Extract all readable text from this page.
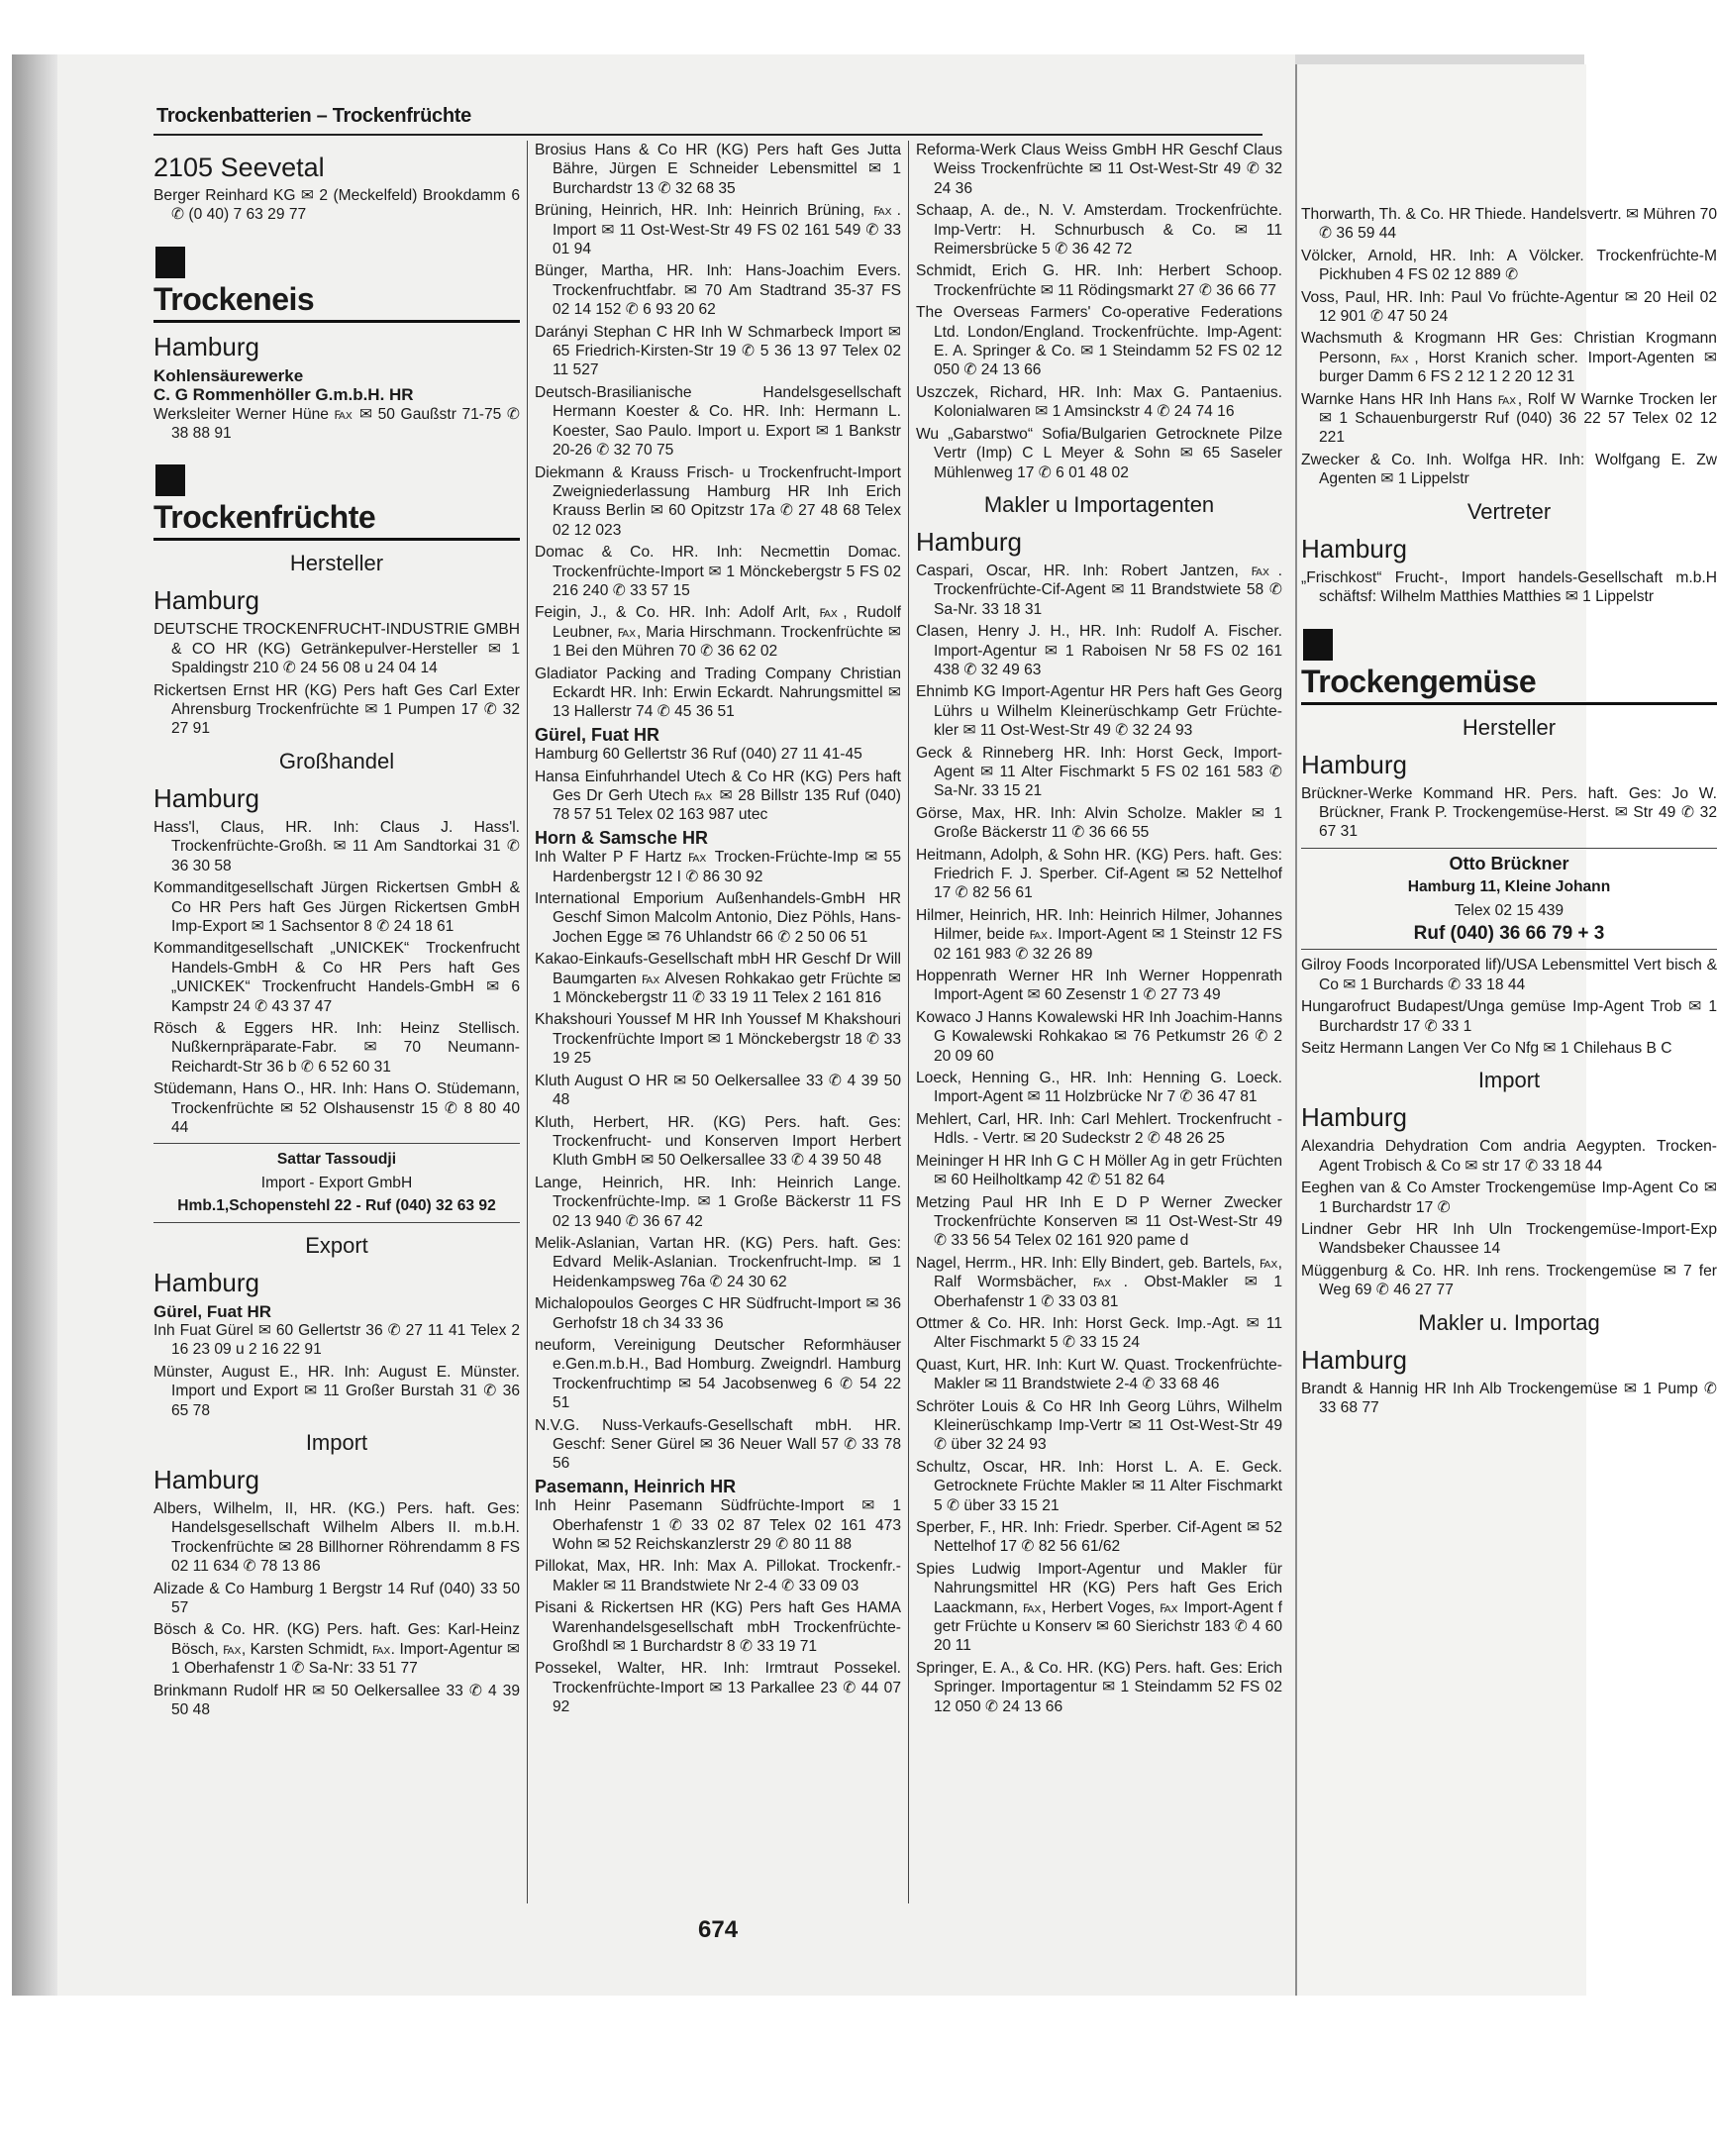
Trockenbatterien – Trockenfrüchte
2105 Seevetal

Berger Reinhard KG ✉ 2 (Meckelfeld) Brookdamm 6 ✆ (0 40) 7 63 29 77

Trockeneis
Hamburg

Kohlensäurewerke

C. G Rommenhöller G.m.b.H. HR

Werksleiter Werner Hüne ℻ ✉ 50 Gaußstr 71-75 ✆ 38 88 91

Trockenfrüchte
Hersteller
Hamburg

DEUTSCHE TROCKENFRUCHT-INDUSTRIE GMBH & CO HR (KG) Getränkepulver-Hersteller ✉ 1 Spaldingstr 210 ✆ 24 56 08 u 24 04 14

Rickertsen Ernst HR (KG) Pers haft Ges Carl Exter Ahrensburg Trockenfrüchte ✉ 1 Pumpen 17 ✆ 32 27 91

Großhandel
Hamburg

Hass'l, Claus, HR. Inh: Claus J. Hass'l. Trockenfrüchte-Großh. ✉ 11 Am Sandtorkai 31 ✆ 36 30 58

Kommanditgesellschaft Jürgen Rickertsen GmbH & Co HR Pers haft Ges Jürgen Rickertsen GmbH Imp-Export ✉ 1 Sachsentor 8 ✆ 24 18 61

Kommanditgesellschaft „UNICKEK“ Trockenfrucht Handels-GmbH & Co HR Pers haft Ges „UNICKEK“ Trockenfrucht Handels-GmbH ✉ 6 Kampstr 24 ✆ 43 37 47

Rösch & Eggers HR. Inh: Heinz Stellisch. Nußkernpräparate-Fabr. ✉ 70 Neumann-Reichardt-Str 36 b ✆ 6 52 60 31

Stüdemann, Hans O., HR. Inh: Hans O. Stüdemann, Trockenfrüchte ✉ 52 Olshausenstr 15 ✆ 8 80 40 44

Sattar Tassoudji
Import - Export GmbH
Hmb.1,Schopenstehl 22 - Ruf (040) 32 63 92
Export
Hamburg

Gürel, Fuat HR

Inh Fuat Gürel ✉ 60 Gellertstr 36 ✆ 27 11 41 Telex 2 16 23 09 u 2 16 22 91

Münster, August E., HR. Inh: August E. Münster. Import und Export ✉ 11 Großer Burstah 31 ✆ 36 65 78

Import
Hamburg

Albers, Wilhelm, II, HR. (KG.) Pers. haft. Ges: Handelsgesellschaft Wilhelm Albers II. m.b.H. Trockenfrüchte ✉ 28 Billhorner Röhrendamm 8 FS 02 11 634 ✆ 78 13 86

Alizade & Co Hamburg 1 Bergstr 14 Ruf (040) 33 50 57

Bösch & Co. HR. (KG) Pers. haft. Ges: Karl-Heinz Bösch, ℻, Karsten Schmidt, ℻. Import-Agentur ✉ 1 Oberhafenstr 1 ✆ Sa-Nr: 33 51 77

Brinkmann Rudolf HR ✉ 50 Oelkersallee 33 ✆ 4 39 50 48

Brosius Hans & Co HR (KG) Pers haft Ges Jutta Bähre, Jürgen E Schneider Lebensmittel ✉ 1 Burchardstr 13 ✆ 32 68 35

Brüning, Heinrich, HR. Inh: Heinrich Brüning, ℻. Import ✉ 11 Ost-West-Str 49 FS 02 161 549 ✆ 33 01 94

Bünger, Martha, HR. Inh: Hans-Joachim Evers. Trockenfruchtfabr. ✉ 70 Am Stadtrand 35-37 FS 02 14 152 ✆ 6 93 20 62

Darányi Stephan C HR Inh W Schmarbeck Import ✉ 65 Friedrich-Kirsten-Str 19 ✆ 5 36 13 97 Telex 02 11 527

Deutsch-Brasilianische Handelsgesellschaft Hermann Koester & Co. HR. Inh: Hermann L. Koester, Sao Paulo. Import u. Export ✉ 1 Bankstr 20-26 ✆ 32 70 75

Diekmann & Krauss Frisch- u Trockenfrucht-Import Zweigniederlassung Hamburg HR Inh Erich Krauss Berlin ✉ 60 Opitzstr 17a ✆ 27 48 68 Telex 02 12 023

Domac & Co. HR. Inh: Necmettin Domac. Trockenfrüchte-Import ✉ 1 Mönckebergstr 5 FS 02 216 240 ✆ 33 57 15

Feigin, J., & Co. HR. Inh: Adolf Arlt, ℻, Rudolf Leubner, ℻, Maria Hirschmann. Trockenfrüchte ✉ 1 Bei den Mühren 70 ✆ 36 62 02

Gladiator Packing and Trading Company Christian Eckardt HR. Inh: Erwin Eckardt. Nahrungsmittel ✉ 13 Hallerstr 74 ✆ 45 36 51

Gürel, Fuat HR

Hamburg 60 Gellertstr 36 Ruf (040) 27 11 41-45

Hansa Einfuhrhandel Utech & Co HR (KG) Pers haft Ges Dr Gerh Utech ℻ ✉ 28 Billstr 135 Ruf (040) 78 57 51 Telex 02 163 987 utec

Horn & Samsche HR

Inh Walter P F Hartz ℻ Trocken-Früchte-Imp ✉ 55 Hardenbergstr 12 I ✆ 86 30 92

International Emporium Außenhandels-GmbH HR Geschf Simon Malcolm Antonio, Diez Pöhls, Hans-Jochen Egge ✉ 76 Uhlandstr 66 ✆ 2 50 06 51

Kakao-Einkaufs-Gesellschaft mbH HR Geschf Dr Will Baumgarten ℻ Alvesen Rohkakao getr Früchte ✉ 1 Mönckebergstr 11 ✆ 33 19 11 Telex 2 161 816

Khakshouri Youssef M HR Inh Youssef M Khakshouri Trockenfrüchte Import ✉ 1 Mönckebergstr 18 ✆ 33 19 25

Kluth August O HR ✉ 50 Oelkersallee 33 ✆ 4 39 50 48

Kluth, Herbert, HR. (KG) Pers. haft. Ges: Trockenfrucht- und Konserven Import Herbert Kluth GmbH ✉ 50 Oelkersallee 33 ✆ 4 39 50 48

Lange, Heinrich, HR. Inh: Heinrich Lange. Trockenfrüchte-Imp. ✉ 1 Große Bäckerstr 11 FS 02 13 940 ✆ 36 67 42

Melik-Aslanian, Vartan HR. (KG) Pers. haft. Ges: Edvard Melik-Aslanian. Trockenfrucht-Imp. ✉ 1 Heidenkampsweg 76a ✆ 24 30 62

Michalopoulos Georges C HR Südfrucht-Import ✉ 36 Gerhofstr 18 ch 34 33 36

neuform, Vereinigung Deutscher Reformhäuser e.Gen.m.b.H., Bad Homburg. Zweigndrl. Hamburg Trockenfruchtimp ✉ 54 Jacobsenweg 6 ✆ 54 22 51

N.V.G. Nuss-Verkaufs-Gesellschaft mbH. HR. Geschf: Sener Gürel ✉ 36 Neuer Wall 57 ✆ 33 78 56

Pasemann, Heinrich HR

Inh Heinr Pasemann Südfrüchte-Import ✉ 1 Oberhafenstr 1 ✆ 33 02 87 Telex 02 161 473 Wohn ✉ 52 Reichskanzlerstr 29 ✆ 80 11 88

Pillokat, Max, HR. Inh: Max A. Pillokat. Trockenfr.-Makler ✉ 11 Brandstwiete Nr 2-4 ✆ 33 09 03

Pisani & Rickertsen HR (KG) Pers haft Ges HAMA Warenhandelsgesellschaft mbH Trockenfrüchte-Großhdl ✉ 1 Burchardstr 8 ✆ 33 19 71

Possekel, Walter, HR. Inh: Irmtraut Possekel. Trockenfrüchte-Import ✉ 13 Parkallee 23 ✆ 44 07 92

Reforma-Werk Claus Weiss GmbH HR Geschf Claus Weiss Trockenfrüchte ✉ 11 Ost-West-Str 49 ✆ 32 24 36

Schaap, A. de., N. V. Amsterdam. Trockenfrüchte. Imp-Vertr: H. Schnurbusch & Co. ✉ 11 Reimersbrücke 5 ✆ 36 42 72

Schmidt, Erich G. HR. Inh: Herbert Schoop. Trockenfrüchte ✉ 11 Rödingsmarkt 27 ✆ 36 66 77

The Overseas Farmers' Co-operative Federations Ltd. London/England. Trockenfrüchte. Imp-Agent: E. A. Springer & Co. ✉ 1 Steindamm 52 FS 02 12 050 ✆ 24 13 66

Uszczek, Richard, HR. Inh: Max G. Pantaenius. Kolonialwaren ✉ 1 Amsinckstr 4 ✆ 24 74 16

Wu „Gabarstwo“ Sofia/Bulgarien Getrocknete Pilze Vertr (Imp) C L Meyer & Sohn ✉ 65 Saseler Mühlenweg 17 ✆ 6 01 48 02

Makler u Importagenten
Hamburg

Caspari, Oscar, HR. Inh: Robert Jantzen, ℻. Trockenfrüchte-Cif-Agent ✉ 11 Brandstwiete 58 ✆ Sa-Nr. 33 18 31

Clasen, Henry J. H., HR. Inh: Rudolf A. Fischer. Import-Agentur ✉ 1 Raboisen Nr 58 FS 02 161 438 ✆ 32 49 63

Ehnimb KG Import-Agentur HR Pers haft Ges Georg Lührs u Wilhelm Kleinerüschkamp Getr Früchte-kler ✉ 11 Ost-West-Str 49 ✆ 32 24 93

Geck & Rinneberg HR. Inh: Horst Geck, Import-Agent ✉ 11 Alter Fischmarkt 5 FS 02 161 583 ✆ Sa-Nr. 33 15 21

Görse, Max, HR. Inh: Alvin Scholze. Makler ✉ 1 Große Bäckerstr 11 ✆ 36 66 55

Heitmann, Adolph, & Sohn HR. (KG) Pers. haft. Ges: Friedrich F. J. Sperber. Cif-Agent ✉ 52 Nettelhof 17 ✆ 82 56 61

Hilmer, Heinrich, HR. Inh: Heinrich Hilmer, Johannes Hilmer, beide ℻. Import-Agent ✉ 1 Steinstr 12 FS 02 161 983 ✆ 32 26 89

Hoppenrath Werner HR Inh Werner Hoppenrath Import-Agent ✉ 60 Zesenstr 1 ✆ 27 73 49

Kowaco J Hanns Kowalewski HR Inh Joachim-Hanns G Kowalewski Rohkakao ✉ 76 Petkumstr 26 ✆ 2 20 09 60

Loeck, Henning G., HR. Inh: Henning G. Loeck. Import-Agent ✉ 11 Holzbrücke Nr 7 ✆ 36 47 81

Mehlert, Carl, HR. Inh: Carl Mehlert. Trockenfrucht - Hdls. - Vertr. ✉ 20 Sudeckstr 2 ✆ 48 26 25

Meininger H HR Inh G C H Möller Ag in getr Früchten ✉ 60 Heilholtkamp 42 ✆ 51 82 64

Metzing Paul HR Inh E D P Werner Zwecker Trockenfrüchte Konserven ✉ 11 Ost-West-Str 49 ✆ 33 56 54 Telex 02 161 920 pame d

Nagel, Herrm., HR. Inh: Elly Bindert, geb. Bartels, ℻, Ralf Wormsbächer, ℻. Obst-Makler ✉ 1 Oberhafenstr 1 ✆ 33 03 81

Ottmer & Co. HR. Inh: Horst Geck. Imp.-Agt. ✉ 11 Alter Fischmarkt 5 ✆ 33 15 24

Quast, Kurt, HR. Inh: Kurt W. Quast. Trockenfrüchte-Makler ✉ 11 Brandstwiete 2-4 ✆ 33 68 46

Schröter Louis & Co HR Inh Georg Lührs, Wilhelm Kleinerüschkamp Imp-Vertr ✉ 11 Ost-West-Str 49 ✆ über 32 24 93

Schultz, Oscar, HR. Inh: Horst L. A. E. Geck. Getrocknete Früchte Makler ✉ 11 Alter Fischmarkt 5 ✆ über 33 15 21

Sperber, F., HR. Inh: Friedr. Sperber. Cif-Agent ✉ 52 Nettelhof 17 ✆ 82 56 61/62

Spies Ludwig Import-Agentur und Makler für Nahrungsmittel HR (KG) Pers haft Ges Erich Laackmann, ℻, Herbert Voges, ℻ Import-Agent f getr Früchte u Konserv ✉ 60 Sierichstr 183 ✆ 4 60 20 11

Springer, E. A., & Co. HR. (KG) Pers. haft. Ges: Erich Springer. Importagentur ✉ 1 Steindamm 52 FS 02 12 050 ✆ 24 13 66

674

Thorwarth, Th. & Co. HR Thiede. Handelsvertr. ✉ Mühren 70 ✆ 36 59 44

Völcker, Arnold, HR. Inh: A Völcker. Trockenfrüchte-M Pickhuben 4 FS 02 12 889 ✆

Voss, Paul, HR. Inh: Paul Vo früchte-Agentur ✉ 20 Heil 02 12 901 ✆ 47 50 24

Wachsmuth & Krogmann HR Ges: Christian Krogmann Personn, ℻, Horst Kranich scher. Import-Agenten ✉ burger Damm 6 FS 2 12 1 2 20 12 31

Warnke Hans HR Inh Hans ℻, Rolf W Warnke Trocken ler ✉ 1 Schauenburgerstr Ruf (040) 36 22 57 Telex 02 12 221

Zwecker & Co. Inh. Wolfga HR. Inh: Wolfgang E. Zw Agenten ✉ 1 Lippelstr

Vertreter
Hamburg

„Frischkost“ Frucht-, Import handels-Gesellschaft m.b.H schäftsf: Wilhelm Matthies Matthies ✉ 1 Lippelstr

Trockengemüse
Hersteller
Hamburg

Brückner-Werke Kommand HR. Pers. haft. Ges: Jo W. Brückner, Frank P. Trockengemüse-Herst. ✉ Str 49 ✆ 32 67 31

Otto Brückner
Hamburg 11, Kleine Johann
Telex 02 15 439
Ruf (040) 36 66 79 + 3

Gilroy Foods Incorporated lif)/USA Lebensmittel Vert bisch & Co ✉ 1 Burchards ✆ 33 18 44

Hungarofruct Budapest/Unga gemüse Imp-Agent Trob ✉ 1 Burchardstr 17 ✆ 33 1

Seitz Hermann Langen Ver Co Nfg ✉ 1 Chilehaus B C

Import
Hamburg

Alexandria Dehydration Com andria Aegypten. Trocken- Agent Trobisch & Co ✉ str 17 ✆ 33 18 44

Eeghen van & Co Amster Trockengemüse Imp-Agent Co ✉ 1 Burchardstr 17 ✆

Lindner Gebr HR Inh Uln Trockengemüse-Import-Exp Wandsbeker Chaussee 14

Müggenburg & Co. HR. Inh rens. Trockengemüse ✉ 7 fer Weg 69 ✆ 46 27 77

Makler u. Importag
Hamburg

Brandt & Hannig HR Inh Alb Trockengemüse ✉ 1 Pump ✆ 33 68 77
